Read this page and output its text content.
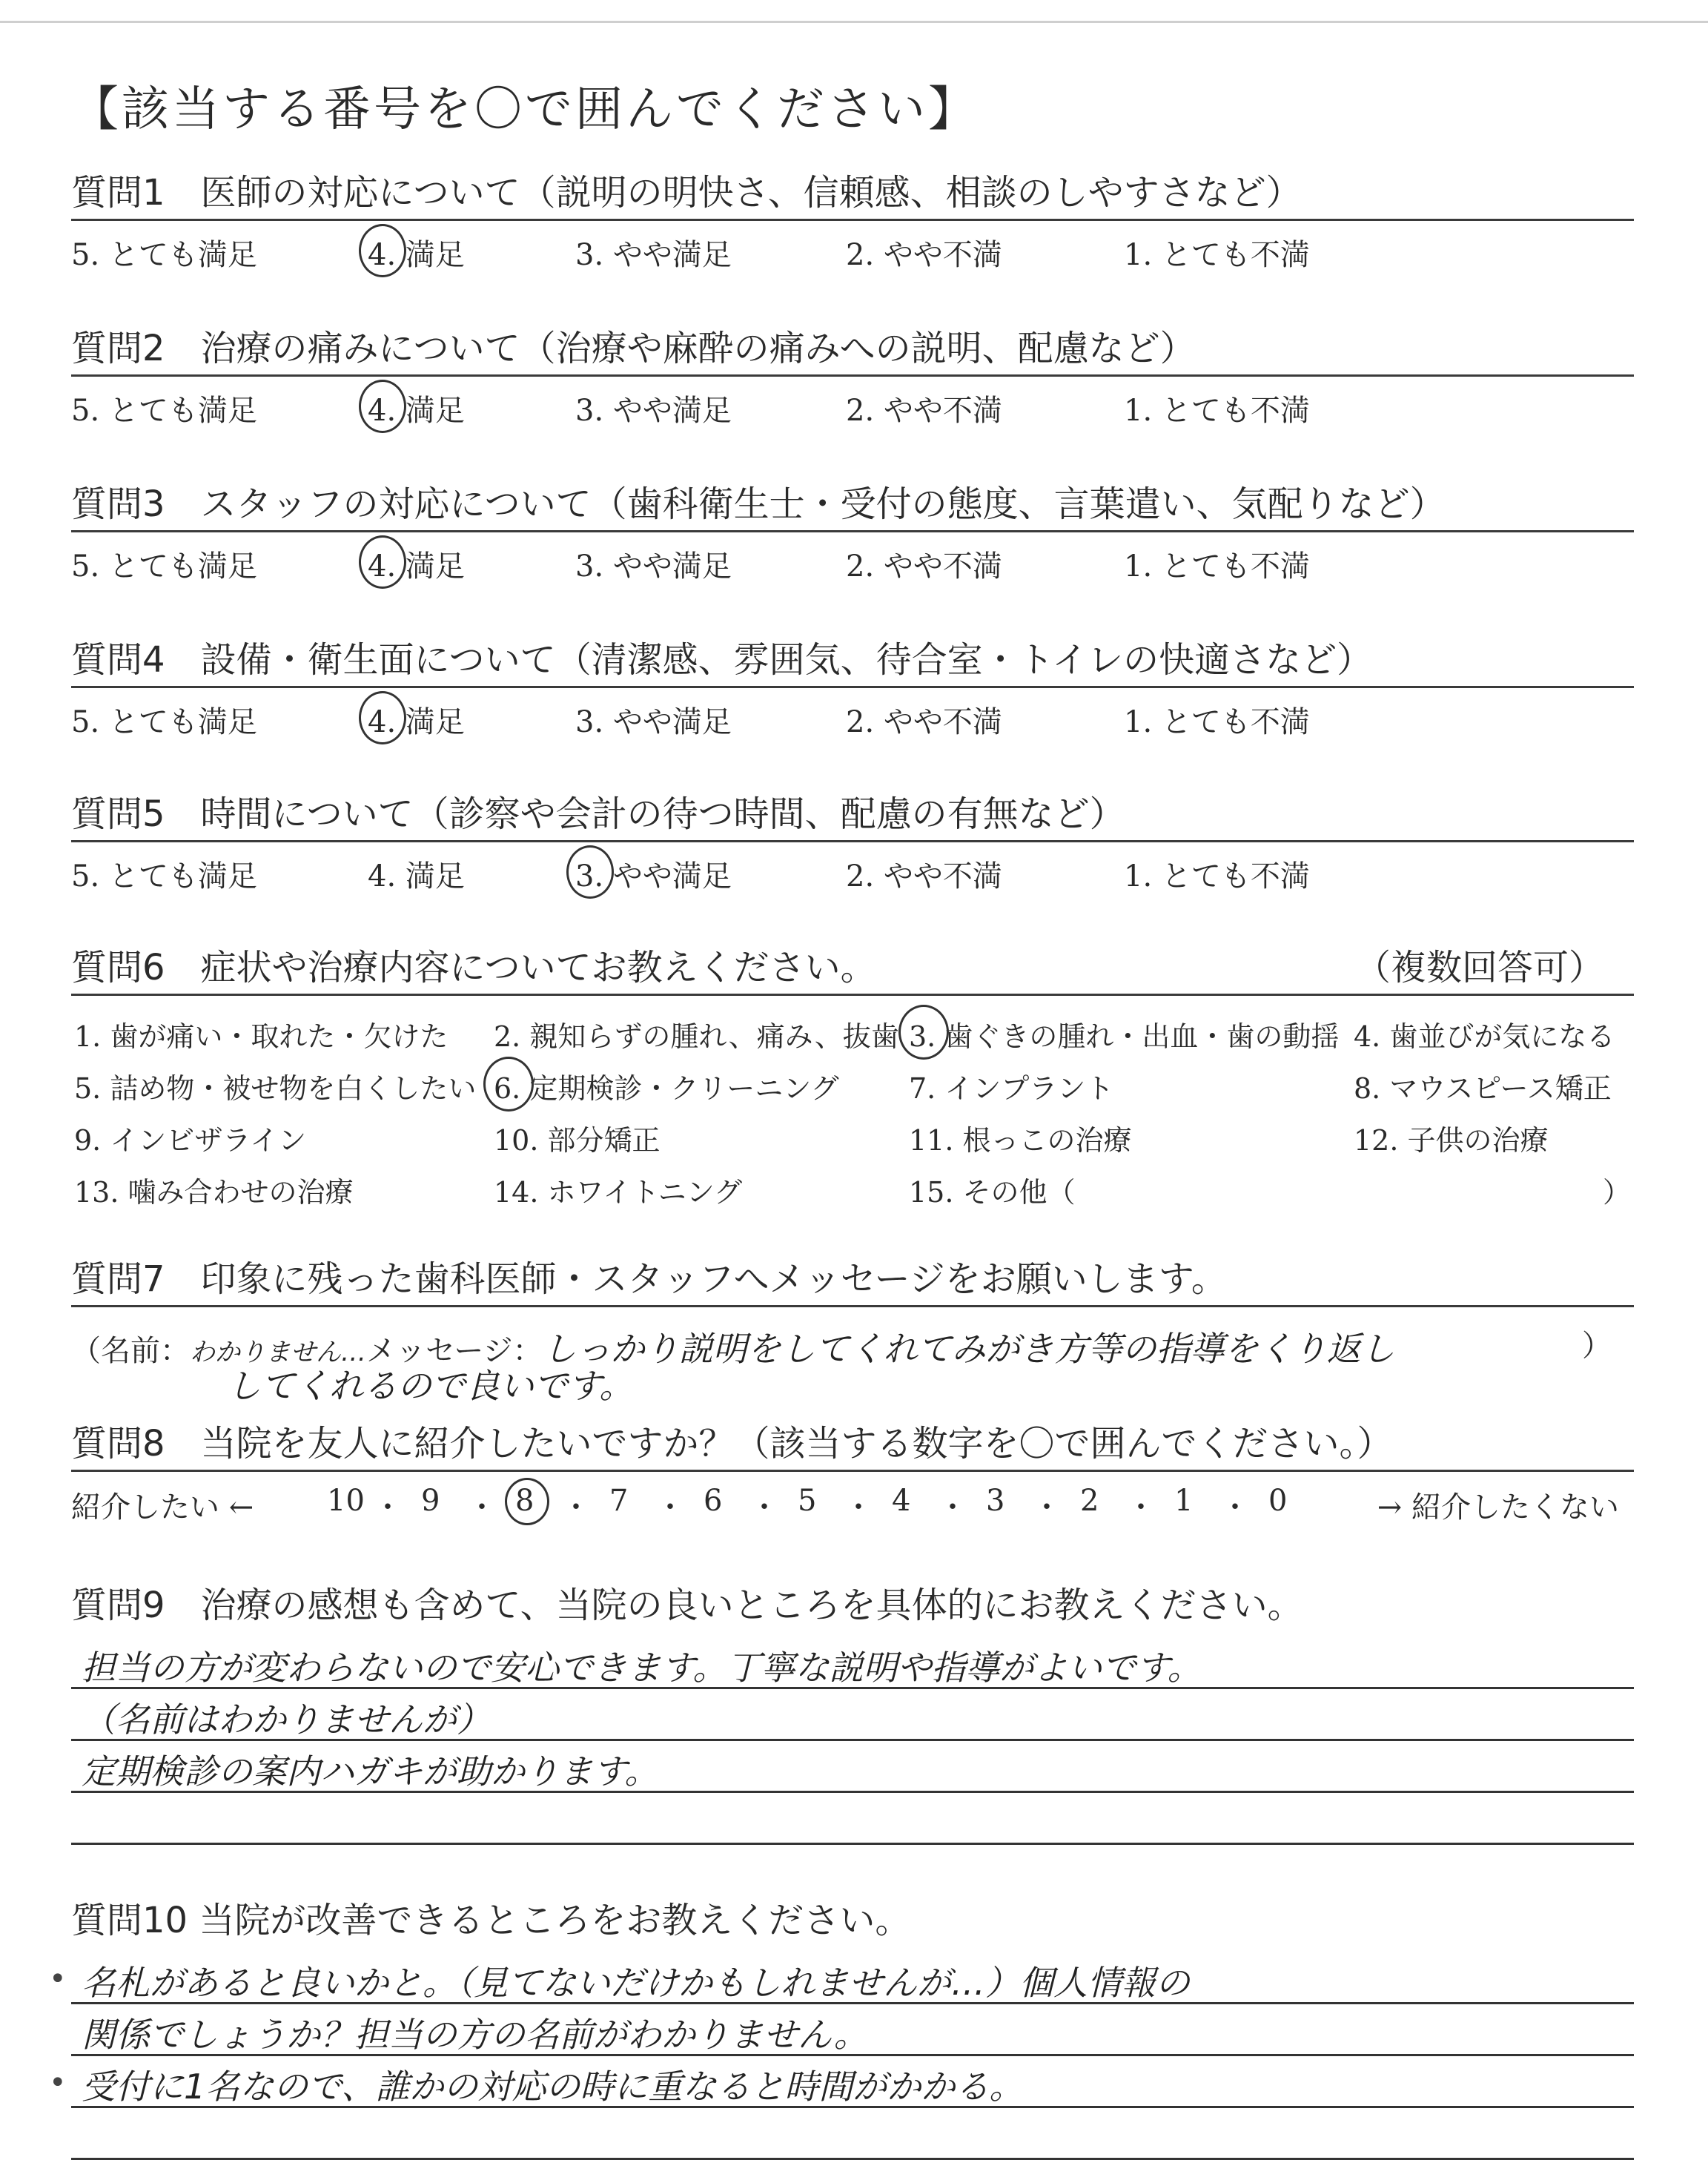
【該当する番号を〇で囲んでください】
質問1　医師の対応について（説明の明快さ、信頼感、相談のしやすさなど）
5. とても満足	4. 満足	3. やや満足	2. やや不満	1. とても不満
質問2　治療の痛みについて（治療や麻酔の痛みへの説明、配慮など）
5. とても満足	4. 満足	3. やや満足	2. やや不満	1. とても不満
質問3　スタッフの対応について（歯科衛生士・受付の態度、言葉遣い、気配りなど）
5. とても満足	4. 満足	3. やや満足	2. やや不満	1. とても不満
質問4　設備・衛生面について（清潔感、雰囲気、待合室・トイレの快適さなど）
5. とても満足	4. 満足	3. やや満足	2. やや不満	1. とても不満
質問5　時間について（診察や会計の待つ時間、配慮の有無など）
5. とても満足	4. 満足	3. やや満足	2. やや不満	1. とても不満
質問6　症状や治療内容についてお教えください。	（複数回答可）
1. 歯が痛い・取れた・欠けた 2. 親知らずの腫れ、痛み、抜歯 3. 歯ぐきの腫れ・出血・歯の動揺 4. 歯並びが気になる
5. 詰め物・被せ物を白くしたい 6. 定期検診・クリーニング 7. インプラント	8. マウスピース矯正
9. インビザライン	10. 部分矯正	11. 根っこの治療	12. 子供の治療
13. 噛み合わせの治療	14. ホワイトニング	15. その他（	）
質問7　印象に残った歯科医師・スタッフへメッセージをお願いします。
（名前：わかりません…メッセージ：しっかり説明をしてくれてみがき方等の指導をくり返し	）
してくれるので良いです。
質問8　当院を友人に紹介したいですか？（該当する数字を〇で囲んでください。）
紹介したい ←	→ 紹介したくない
10 ・ 9 ・ 8 ・ 7 ・ 6 ・ 5 ・ 4 ・ 3 ・ 2 ・ 1 ・ 0
質問9　治療の感想も含めて、当院の良いところを具体的にお教えください。
担当の方が変わらないので安心できます。丁寧な説明や指導がよいです。
（名前はわかりませんが）
定期検診の案内ハガキが助かります。
質問10 当院が改善できるところをお教えください。
名札があると良いかと。（見てないだけかもしれませんが…）個人情報の
•
関係でしょうか？担当の方の名前がわかりません。
受付に1名なので、誰かの対応の時に重なると時間がかかる。
•
